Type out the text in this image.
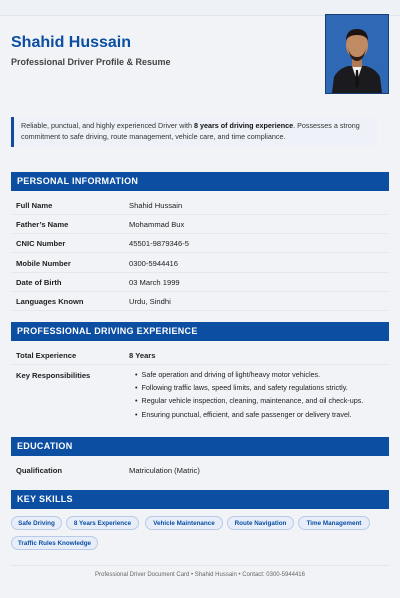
Shahid Hussain
Professional Driver Profile & Resume
Reliable, punctual, and highly experienced Driver with 8 years of driving experience. Possesses a strong commitment to safe driving, route management, vehicle care, and time compliance.
PERSONAL INFORMATION
Full Name	Shahid Hussain
Father’s Name	Mohammad Bux
CNIC Number	45501-9879346-5
Mobile Number	0300-5944416
Date of Birth	03 March 1999
Languages Known	Urdu, Sindhi
PROFESSIONAL DRIVING EXPERIENCE
Total Experience	8 Years
Key Responsibilities
•	Safe operation and driving of light/heavy motor vehicles.
• Following traffic laws, speed limits, and safety regulations strictly.
• Regular vehicle inspection, cleaning, maintenance, and oil check-ups.
• Ensuring punctual, efficient, and safe passenger or delivery travel.
EDUCATION
Qualification	Matriculation (Matric)
KEY SKILLS
Safe Driving	8 Years Experience	Vehicle Maintenance	Route Navigation	Time Management
Traffic Rules Knowledge
Professional Driver Document Card • Shahid Hussain • Contact: 0300-5944416
